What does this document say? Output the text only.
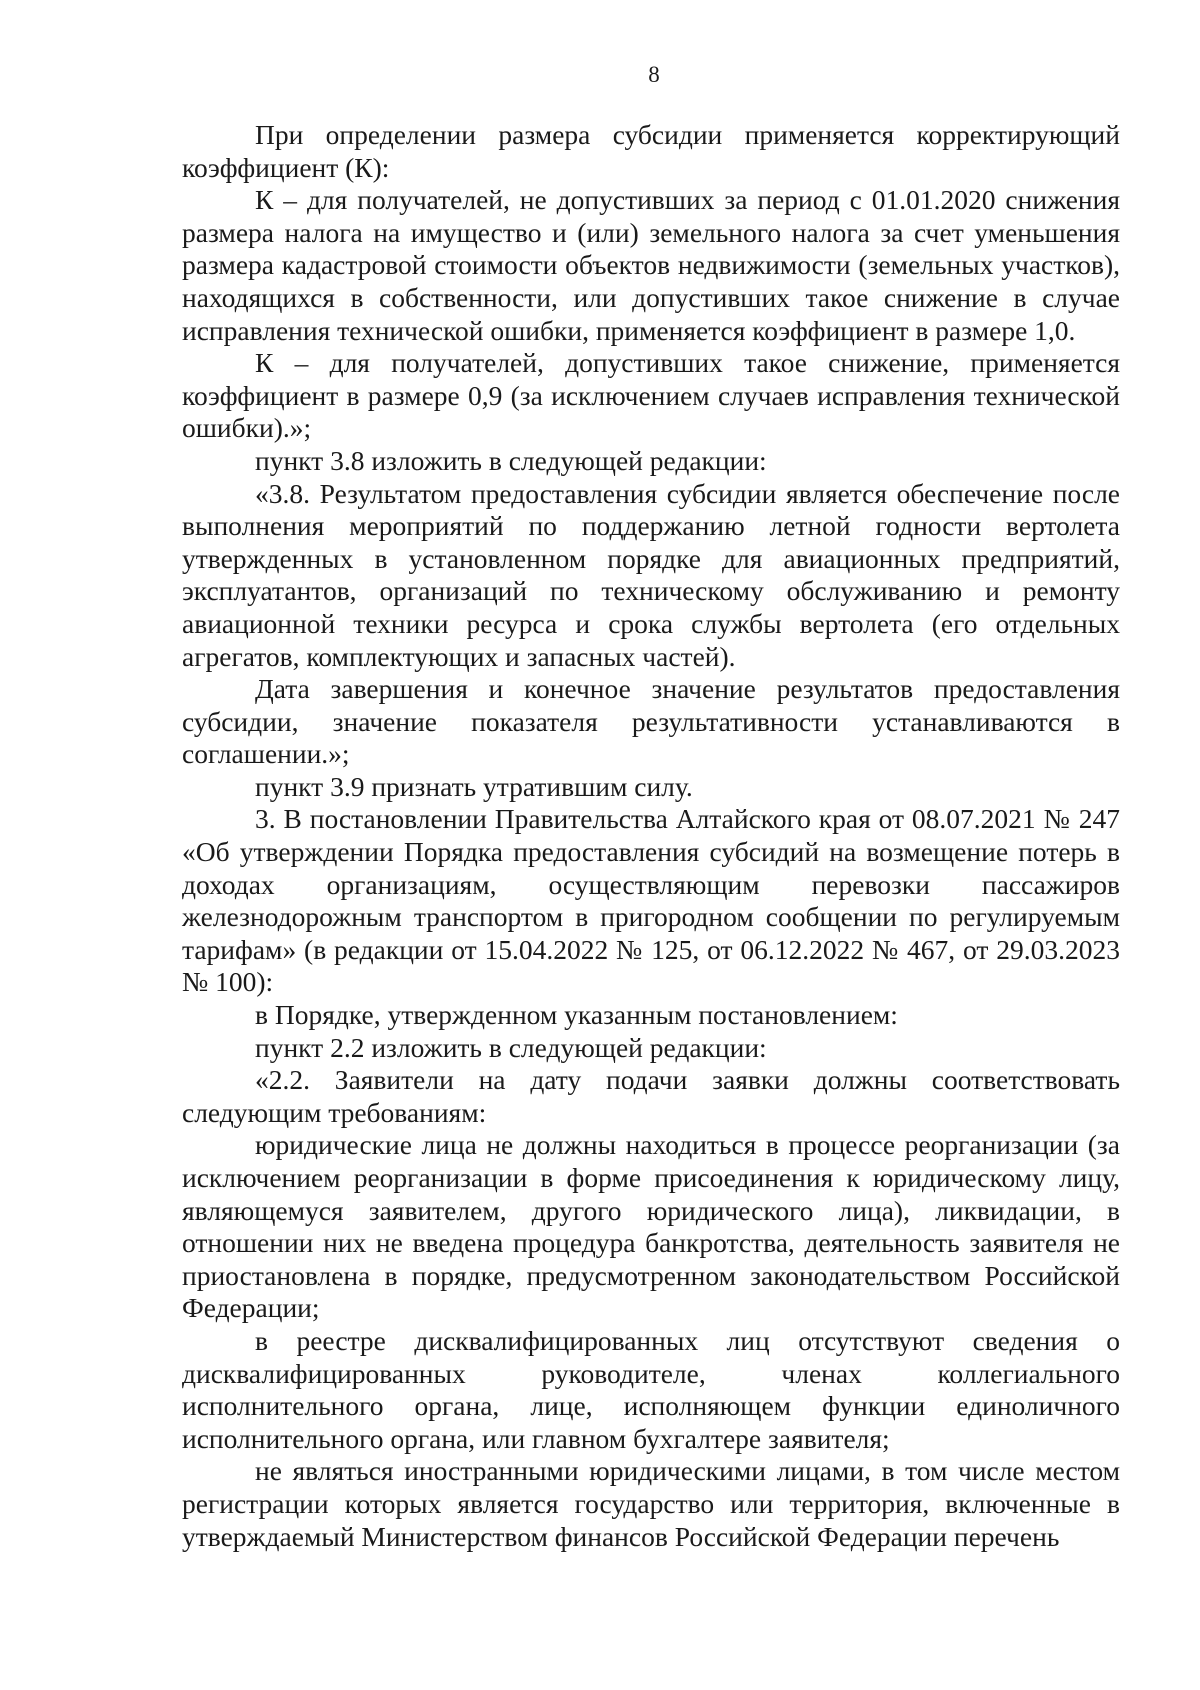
8

При определении размера субсидии применяется корректирующий коэффициент (К):

К – для получателей, не допустивших за период с 01.01.2020 снижения размера налога на имущество и (или) земельного налога за счет уменьшения размера кадастровой стоимости объектов недвижимости (земельных участков), находящихся в собственности, или допустивших такое снижение в случае исправления технической ошибки, применяется коэффициент в размере 1,0.

К – для получателей, допустивших такое снижение, применяется коэффициент в размере 0,9 (за исключением случаев исправления технической ошибки).»;

пункт 3.8 изложить в следующей редакции:

«3.8. Результатом предоставления субсидии является обеспечение после выполнения мероприятий по поддержанию летной годности вертолета утвержденных в установленном порядке для авиационных предприятий, эксплуатантов, организаций по техническому обслуживанию и ремонту авиационной техники ресурса и срока службы вертолета (его отдельных агрегатов, комплектующих и запасных частей).

Дата завершения и конечное значение результатов предоставления субсидии, значение показателя результативности устанавливаются в соглашении.»;

пункт 3.9 признать утратившим силу.

3. В постановлении Правительства Алтайского края от 08.07.2021 № 247 «Об утверждении Порядка предоставления субсидий на возмещение потерь в доходах организациям, осуществляющим перевозки пассажиров железнодорожным транспортом в пригородном сообщении по регулируемым тарифам» (в редакции от 15.04.2022 № 125, от 06.12.2022 № 467, от 29.03.2023 № 100):

в Порядке, утвержденном указанным постановлением:

пункт 2.2 изложить в следующей редакции:

«2.2. Заявители на дату подачи заявки должны соответствовать следующим требованиям:

юридические лица не должны находиться в процессе реорганизации (за исключением реорганизации в форме присоединения к юридическому лицу, являющемуся заявителем, другого юридического лица), ликвидации, в отношении них не введена процедура банкротства, деятельность заявителя не приостановлена в порядке, предусмотренном законодательством Российской Федерации;

в реестре дисквалифицированных лиц отсутствуют сведения о дисквалифицированных руководителе, членах коллегиального исполнительного органа, лице, исполняющем функции единоличного исполнительного органа, или главном бухгалтере заявителя;

не являться иностранными юридическими лицами, в том числе местом регистрации которых является государство или территория, включенные в утверждаемый Министерством финансов Российской Федерации перечень
